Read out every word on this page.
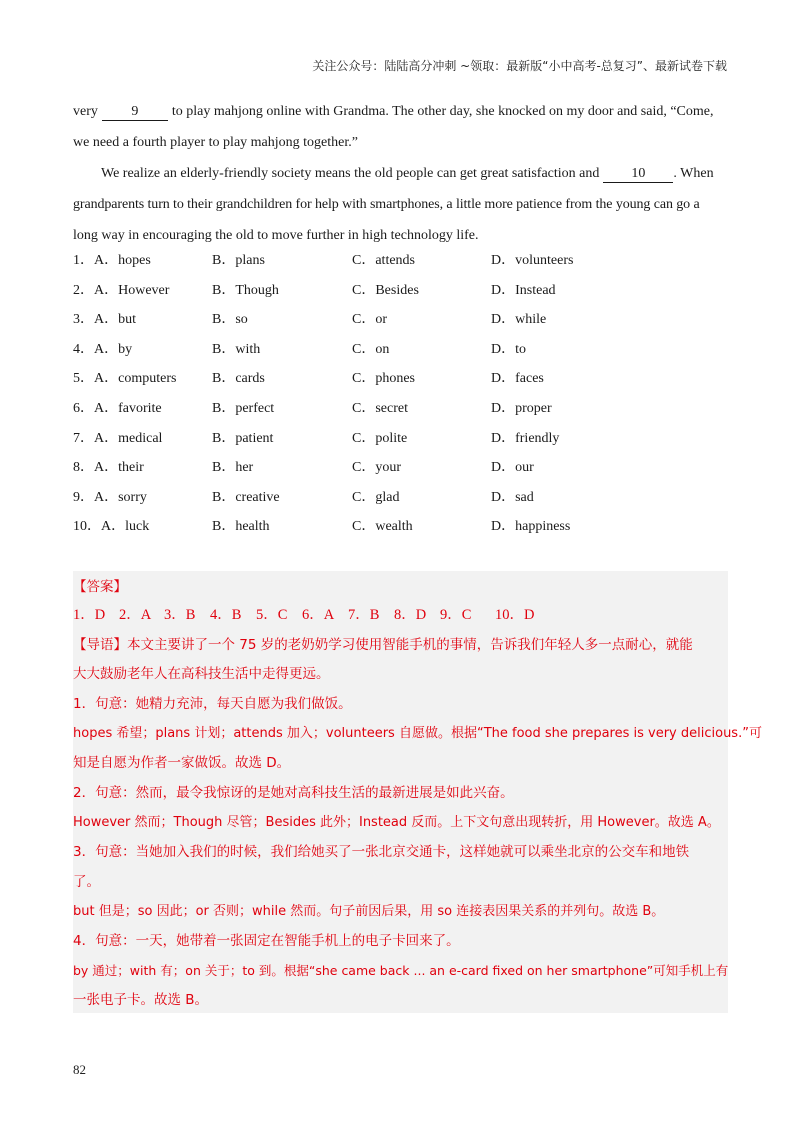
关注公众号：陆陆高分冲刺 ~领取：最新版“小中高考-总复习”、最新试卷下载
very 9 to play mahjong online with Grandma. The other day, she knocked on my door and said, “Come,
we need a fourth player to play mahjong together.”
We realize an elderly-friendly society means the old people can get great satisfaction and 10 . When
grandparents turn to their grandchildren for help with smartphones, a little more patience from the young can go a
long way in encouraging the old to move further in high technology life.
1．A．hopes	B．plans	C．attends	D．volunteers
2．A．However	B．Though	C．Besides	D．Instead
3．A．but	B．so	C．or	D．while
4．A．by	B．with	C．on	D．to
5．A．computers	B．cards	C．phones	D．faces
6．A．favorite	B．perfect	C．secret	D．proper
7．A．medical	B．patient	C．polite	D．friendly
8．A．their	B．her	C．your	D．our
9．A．sorry	B．creative	C．glad	D．sad
10．A．luck	B．health	C．wealth	D．happiness
【答案】
1．D 2．A 3．B 4．B 5．C 6．A 7．B 8．D 9．C 10．D
【导语】本文主要讲了一个 75 岁的老奶奶学习使用智能手机的事情，告诉我们年轻人多一点耐心，就能
大大鼓励老年人在高科技生活中走得更远。
1．句意：她精力充沛，每天自愿为我们做饭。
hopes 希望；plans 计划；attends 加入；volunteers 自愿做。根据“The food she prepares is very delicious.”可
知是自愿为作者一家做饭。故选 D。
2．句意：然而，最令我惊讶的是她对高科技生活的最新进展是如此兴奋。
However 然而；Though 尽管；Besides 此外；Instead 反而。上下文句意出现转折，用 However。故选 A。
3．句意：当她加入我们的时候，我们给她买了一张北京交通卡，这样她就可以乘坐北京的公交车和地铁
了。
but 但是；so 因此；or 否则；while 然而。句子前因后果，用 so 连接表因果关系的并列句。故选 B。
4．句意：一天，她带着一张固定在智能手机上的电子卡回来了。
by 通过；with 有；on 关于；to 到。根据“she came back ... an e-card fixed on her smartphone”可知手机上有
一张电子卡。故选 B。
82
